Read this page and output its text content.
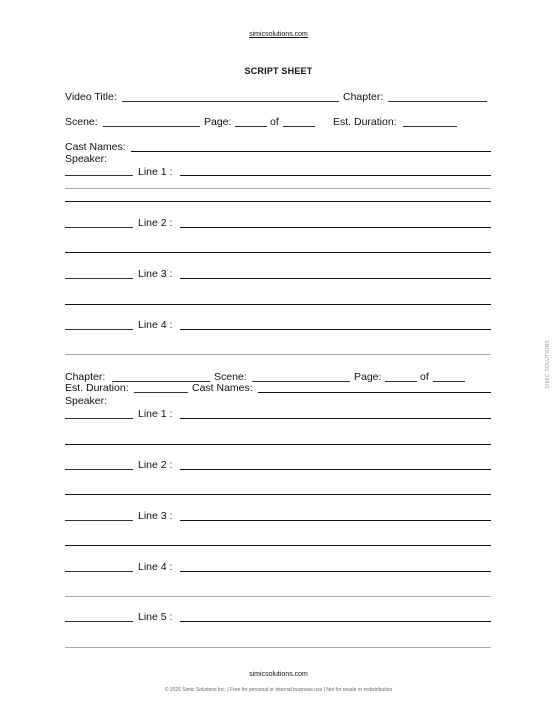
simicsolutions.com
SCRIPT SHEET
Video Title:	Chapter:
Scene:	Page:	of	Est. Duration:
Cast Names:
Speaker:
Line 1 :
Line 2 :
Line 3 :
Line 4 :
Chapter:	Scene:	Page:	of
Est. Duration:	Cast Names:
Speaker:
Line 1 :
Line 2 :
Line 3 :
Line 4 :
Line 5 :
SIMIC SOLUTIONS
simicsolutions.com
© 2026 Simic Solutions Inc. | Free for personal or internal business use | Not for resale or redistribution
